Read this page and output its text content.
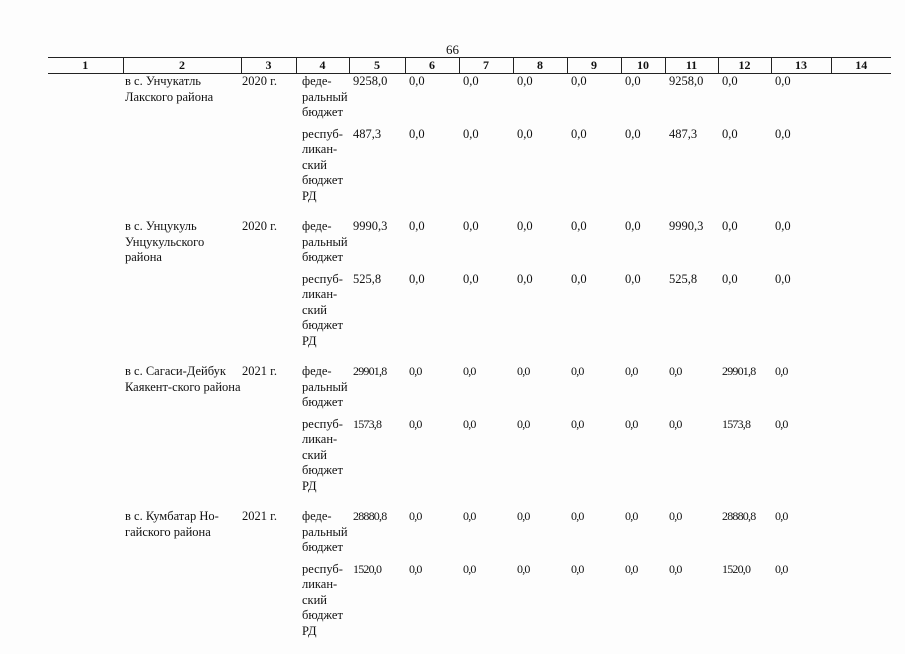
66
1	2	3	4	5	6	7	8	9	10	11	12	13	14
	в с. Унчукатль Лакского района	2020 г.	феде-ральный бюджет	9258,0	0,0	0,0	0,0	0,0	0,0	9258,0	0,0	0,0	

			респуб-ликан-ский бюджет РД	487,3	0,0	0,0	0,0	0,0	0,0	487,3	0,0	0,0	

	в с. Унцукуль Унцукульского района	2020 г.	феде-ральный бюджет	9990,3	0,0	0,0	0,0	0,0	0,0	9990,3	0,0	0,0	

			респуб-ликан-ский бюджет РД	525,8	0,0	0,0	0,0	0,0	0,0	525,8	0,0	0,0	

	в с. Сагаси-Дейбук Каякент-ского района	2021 г.	феде-ральный бюджет	29901,8	0,0	0,0	0,0	0,0	0,0	0,0	29901,8	0,0	

			респуб-ликан-ский бюджет РД	1573,8	0,0	0,0	0,0	0,0	0,0	0,0	1573,8	0,0	

	в с. Кумбатар Но-гайского района	2021 г.	феде-ральный бюджет	28880,8	0,0	0,0	0,0	0,0	0,0	0,0	28880,8	0,0	

			респуб-ликан-ский бюджет РД	1520,0	0,0	0,0	0,0	0,0	0,0	0,0	1520,0	0,0	
